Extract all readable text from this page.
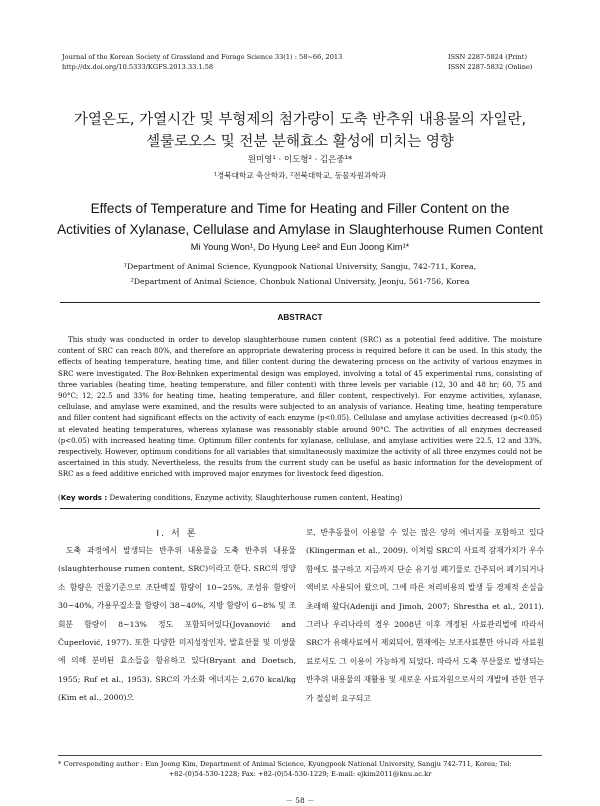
Journal of the Korean Society of Grassland and Forage Science 33(1) : 58~66, 2013
http://dx.doi.org/10.5333/KGFS.2013.33.1.58
ISSN 2287-5824 (Print)
ISSN 2287-5832 (Online)
가열온도, 가열시간 및 부형제의 첨가량이 도축 반추위 내용물의 자일란,
셀룰로오스 및 전분 분해효소 활성에 미치는 영향
원미영¹ · 이도형² · 김은중¹*
¹경북대학교 축산학과, ²전북대학교, 동물자원과학과
Effects of Temperature and Time for Heating and Filler Content on the
Activities of Xylanase, Cellulase and Amylase in Slaughterhouse Rumen Content
Mi Young Won¹, Do Hyung Lee² and Eun Joong Kim¹*
¹Department of Animal Science, Kyungpook National University, Sangju, 742-711, Korea,
²Department of Animal Science, Chonbuk National University, Jeonju, 561-756, Korea
ABSTRACT
This study was conducted in order to develop slaughterhouse rumen content (SRC) as a potential feed additive. The moisture content of SRC can reach 80%, and therefore an appropriate dewatering process is required before it can be used. In this study, the effects of heating temperature, heating time, and filler content during the dewatering process on the activity of various enzymes in SRC were investigated. The Box-Behnken experimental design was employed, involving a total of 45 experimental runs, consisting of three variables (heating time, heating temperature, and filler content) with three levels per variable (12, 30 and 48 hr; 60, 75 and 90°C; 12, 22.5 and 33% for heating time, heating temperature, and filler content, respectively). For enzyme activities, xylanase, cellulase, and amylase were examined, and the results were subjected to an analysis of variance. Heating time, heating temperature and filler content had significant effects on the activity of each enzyme (p<0.05). Cellulase and amylase activities decreased (p<0.05) at elevated heating temperatures, whereas xylanase was reasonably stable around 90°C. The activities of all enzymes decreased (p<0.05) with increased heating time. Optimum filler contents for xylanase, cellulase, and amylase activities were 22.5, 12 and 33%, respectively. However, optimum conditions for all variables that simultaneously maximize the activity of all three enzymes could not be ascertained in this study. Nevertheless, the results from the current study can be useful as basic information for the development of SRC as a feed additive enriched with improved major enzymes for livestock feed digestion.
(Key words : Dewatering conditions, Enzyme activity, Slaughterhouse rumen content, Heating)
Ⅰ. 서 론
도축 과정에서 발생되는 반추위 내용물을 도축 반추위 내용물(slaughterhouse rumen content, SRC)이라고 한다. SRC의 영양소 함량은 건물기준으로 조단백질 함량이 10~25%, 조섬유 함량이 30~40%, 가용무질소물 함량이 38~40%, 지방 함량이 6~8% 및 조회분 함량이 8~13% 정도 포함되어있다(Jovanović and Čuperlović, 1977). 또한 다양한 미지성장인자, 발효산물 및 미생물에 의해 분비된 효소들을 함유하고 있다(Bryant and Doetsch, 1955; Ruf et al., 1953). SRC의 가소화 에너지는 2,670 kcal/kg (Kim et al., 2000)으
로, 반추동물이 이용할 수 있는 많은 양의 에너지를 포함하고 있다(Klingerman et al., 2009). 이처럼 SRC의 사료적 잠재가치가 우수함에도 불구하고 지금까지 단순 유기성 폐기물로 간주되어 폐기되거나 액비로 사용되어 왔으며, 그에 따른 처리비용의 발생 등 경제적 손실을 초래해 왔다(Adeniji and Jimoh, 2007; Shrestha et al., 2011). 그러나 우리나라의 경우 2008년 이후 개정된 사료관리법에 따라서 SRC가 유해사료에서 제외되어, 현재에는 보조사료뿐만 아니라 사료원료로서도 그 이용이 가능하게 되었다. 따라서 도축 부산물로 발생되는 반추위 내용물의 재활용 및 새로운 사료자원으로서의 개발에 관한 연구가 절실히 요구되고
* Corresponding author : Eun Joong Kim, Department of Animal Science, Kyungpook National University, Sangju 742-711, Korea; Tel:
+82-(0)54-530-1228; Fax: +82-(0)54-530-1229; E-mail: ejkim2011@knu.ac.kr
－ 58 －
